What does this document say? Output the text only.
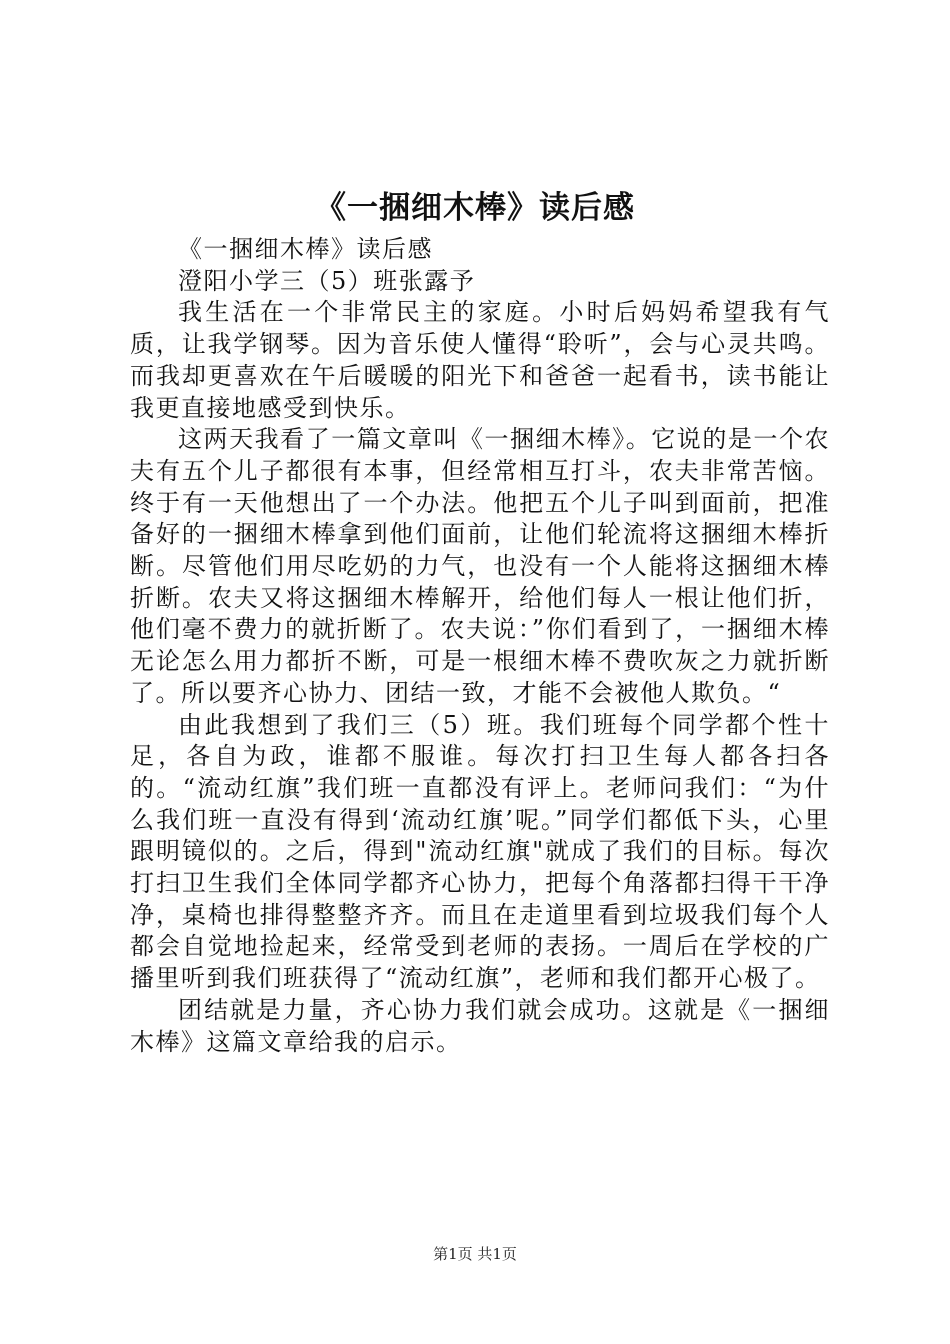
《一捆细木棒》读后感

《一捆细木棒》读后感

澄阳小学三（5）班张露予

我生活在一个非常民主的家庭。小时后妈妈希望我有气质，让我学钢琴。因为音乐使人懂得“聆听”，会与心灵共鸣。而我却更喜欢在午后暖暖的阳光下和爸爸一起看书，读书能让我更直接地感受到快乐。

这两天我看了一篇文章叫《一捆细木棒》。它说的是一个农夫有五个儿子都很有本事，但经常相互打斗，农夫非常苦恼。终于有一天他想出了一个办法。他把五个儿子叫到面前，把准备好的一捆细木棒拿到他们面前，让他们轮流将这捆细木棒折断。尽管他们用尽吃奶的力气，也没有一个人能将这捆细木棒折断。农夫又将这捆细木棒解开，给他们每人一根让他们折，他们毫不费力的就折断了。农夫说：”你们看到了，一捆细木棒无论怎么用力都折不断，可是一根细木棒不费吹灰之力就折断了。所以要齐心协力、团结一致，才能不会被他人欺负。“

由此我想到了我们三（5）班。我们班每个同学都个性十足，各自为政，谁都不服谁。每次打扫卫生每人都各扫各的。“流动红旗”我们班一直都没有评上。老师问我们：“为什么我们班一直没有得到‘流动红旗’呢。”同学们都低下头，心里跟明镜似的。之后，得到"流动红旗"就成了我们的目标。每次打扫卫生我们全体同学都齐心协力，把每个角落都扫得干干净净，桌椅也排得整整齐齐。而且在走道里看到垃圾我们每个人都会自觉地捡起来，经常受到老师的表扬。一周后在学校的广播里听到我们班获得了“流动红旗”，老师和我们都开心极了。

团结就是力量，齐心协力我们就会成功。这就是《一捆细木棒》这篇文章给我的启示。

第1页 共1页
